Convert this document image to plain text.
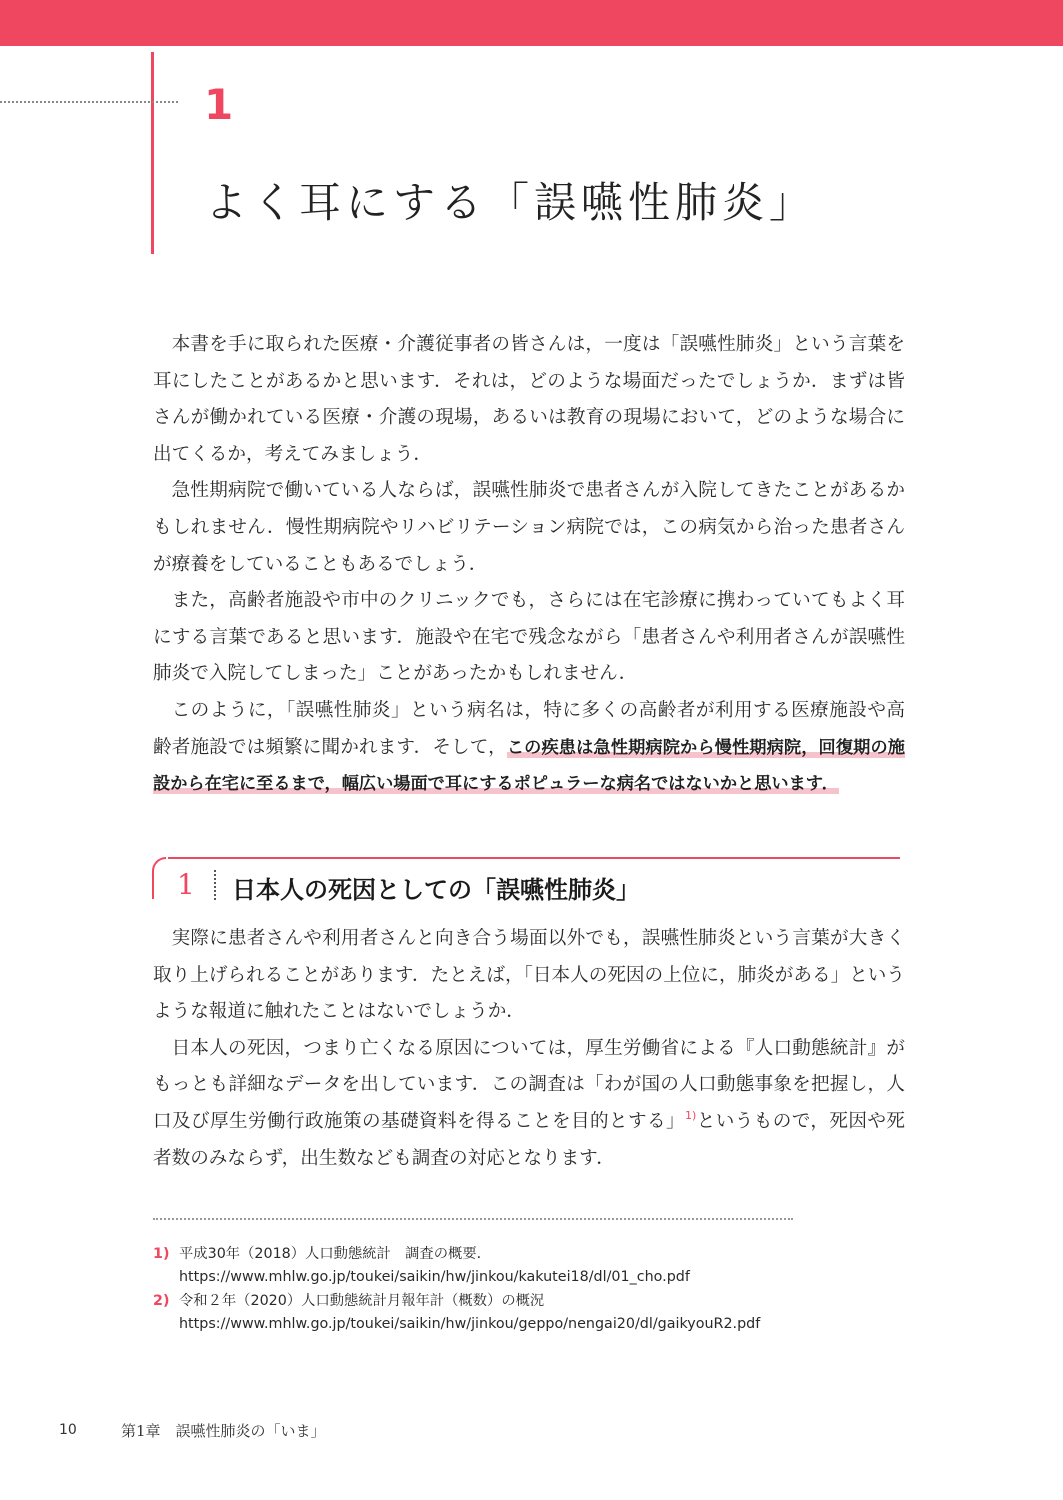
1
よく耳にする「誤嚥性肺炎」

本書を手に取られた医療・介護従事者の皆さんは，一度は「誤嚥性肺炎」という言葉を耳にしたことがあるかと思います．それは，どのような場面だったでしょうか．まずは皆さんが働かれている医療・介護の現場，あるいは教育の現場において，どのような場合に出てくるか，考えてみましょう．

急性期病院で働いている人ならば，誤嚥性肺炎で患者さんが入院してきたことがあるかもしれません．慢性期病院やリハビリテーション病院では，この病気から治った患者さんが療養をしていることもあるでしょう．

また，高齢者施設や市中のクリニックでも，さらには在宅診療に携わっていてもよく耳にする言葉であると思います．施設や在宅で残念ながら「患者さんや利用者さんが誤嚥性肺炎で入院してしまった」ことがあったかもしれません．

このように，「誤嚥性肺炎」という病名は，特に多くの高齢者が利用する医療施設や高齢者施設では頻繁に聞かれます．そして，この疾患は急性期病院から慢性期病院，回復期の施設から在宅に至るまで，幅広い場面で耳にするポピュラーな病名ではないかと思います．

1 日本人の死因としての「誤嚥性肺炎」

実際に患者さんや利用者さんと向き合う場面以外でも，誤嚥性肺炎という言葉が大きく取り上げられることがあります．たとえば，「日本人の死因の上位に，肺炎がある」というような報道に触れたことはないでしょうか．

日本人の死因，つまり亡くなる原因については，厚生労働省による『人口動態統計』がもっとも詳細なデータを出しています．この調査は「わが国の人口動態事象を把握し，人口及び厚生労働行政施策の基礎資料を得ることを目的とする」$^{1)}$というもので，死因や死者数のみならず，出生数なども調査の対応となります．

1) 平成30年（2018）人口動態統計　調査の概要．
https://www.mhlw.go.jp/toukei/saikin/hw/jinkou/kakutei18/dl/01_cho.pdf
2) 令和２年（2020）人口動態統計月報年計（概数）の概況
https://www.mhlw.go.jp/toukei/saikin/hw/jinkou/geppo/nengai20/dl/gaikyouR2.pdf
10	第1章　誤嚥性肺炎の「いま」
